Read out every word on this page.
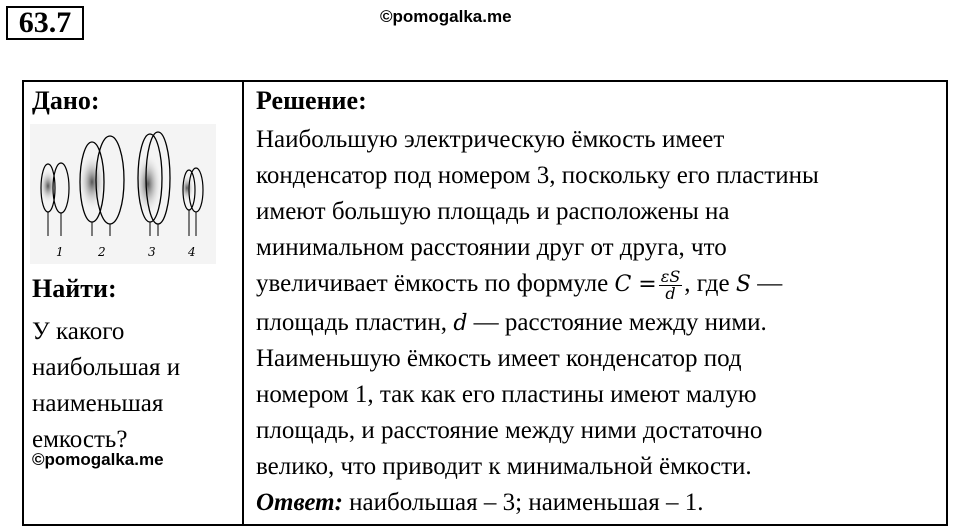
63.7	©pomogalka.me
Дано:
1	2	3	4
Найти:
У какого
наибольшая и
наименьшая
емкость?
©pomogalka.me
Решение:
Наибольшую электрическую ёмкость имеет
конденсатор под номером 3, поскольку его пластины
имеют большую площадь и расположены на
минимальном расстоянии друг от друга, что
увеличивает ёмкость по формуле $C = \frac{\varepsilon S}{d}$ , где S —
площадь пластин, d — расстояние между ними.
Наименьшую ёмкость имеет конденсатор под
номером 1, так как его пластины имеют малую
площадь, и расстояние между ними достаточно
велико, что приводит к минимальной ёмкости.
Ответ: наибольшая – 3; наименьшая – 1.
